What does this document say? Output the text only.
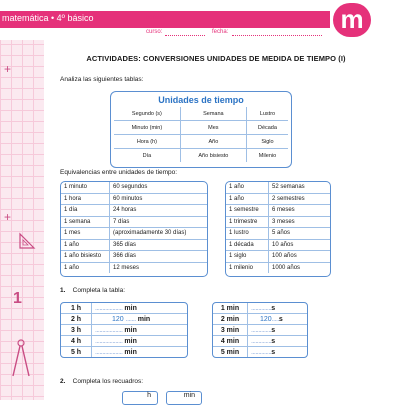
+
+
1
matemática • 4º básico	nombre
curso:	fecha:	m
ACTIVIDADES: CONVERSIONES UNIDADES DE MEDIDA DE TIEMPO (I)
Analiza las siguientes tablas:
Unidades de tiempo
Segundo (s)	Semana	Lustro
Minuto (min)	Mes	Década
Hora (h)	Año	Siglo
Día	Año bisiesto	Milenio
Equivalencias entre unidades de tiempo:
1 minuto	60 segundos
1 hora	60 minutos
1 día	24 horas
1 semana	7 días
1 mes	(aproximadamente 30 días)
1 año	365 días
1 año bisiesto	366 días
1 año	12 meses
1 año	52 semanas
1 año	2 semestres
1 semestre	6 meses
1 trimestre	3 meses
1 lustro	5 años
1 década	10 años
1 siglo	100 años
1 milenio	1000 años
1. Completa la tabla:
1 h	................... min
2 h	120 ....... min
3 h	................... min
4 h	................... min
5 h	................... min
1 min	..............s
2 min	120.....s
3 min	..............s
4 min	..............s
5 min	..............s
2. Completa los recuadros:
h	min
